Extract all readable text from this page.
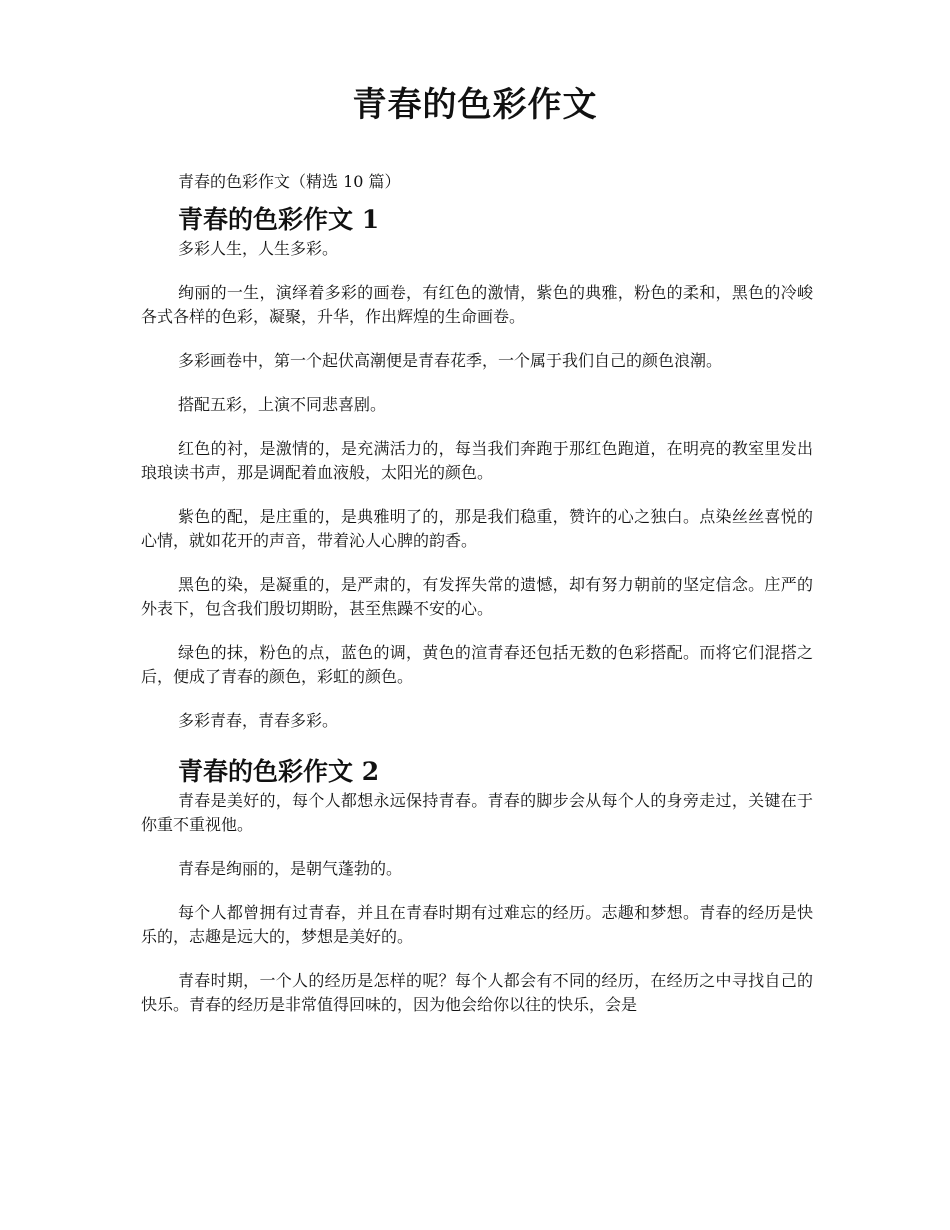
青春的色彩作文

青春的色彩作文（精选 10 篇）

青春的色彩作文 1

多彩人生，人生多彩。

绚丽的一生，演绎着多彩的画卷，有红色的激情，紫色的典雅，粉色的柔和，黑色的冷峻各式各样的色彩，凝聚，升华，作出辉煌的生命画卷。

多彩画卷中，第一个起伏高潮便是青春花季，一个属于我们自己的颜色浪潮。

搭配五彩，上演不同悲喜剧。

红色的衬，是激情的，是充满活力的，每当我们奔跑于那红色跑道，在明亮的教室里发出琅琅读书声，那是调配着血液般，太阳光的颜色。

紫色的配，是庄重的，是典雅明了的，那是我们稳重，赞许的心之独白。点染丝丝喜悦的心情，就如花开的声音，带着沁人心脾的韵香。

黑色的染，是凝重的，是严肃的，有发挥失常的遗憾，却有努力朝前的坚定信念。庄严的外表下，包含我们殷切期盼，甚至焦躁不安的心。

绿色的抹，粉色的点，蓝色的调，黄色的渲青春还包括无数的色彩搭配。而将它们混搭之后，便成了青春的颜色，彩虹的颜色。

多彩青春，青春多彩。

青春的色彩作文 2

青春是美好的，每个人都想永远保持青春。青春的脚步会从每个人的身旁走过，关键在于你重不重视他。

青春是绚丽的，是朝气蓬勃的。

每个人都曾拥有过青春，并且在青春时期有过难忘的经历。志趣和梦想。青春的经历是快乐的，志趣是远大的，梦想是美好的。

青春时期，一个人的经历是怎样的呢？每个人都会有不同的经历，在经历之中寻找自己的快乐。青春的经历是非常值得回味的，因为他会给你以往的快乐，会是
